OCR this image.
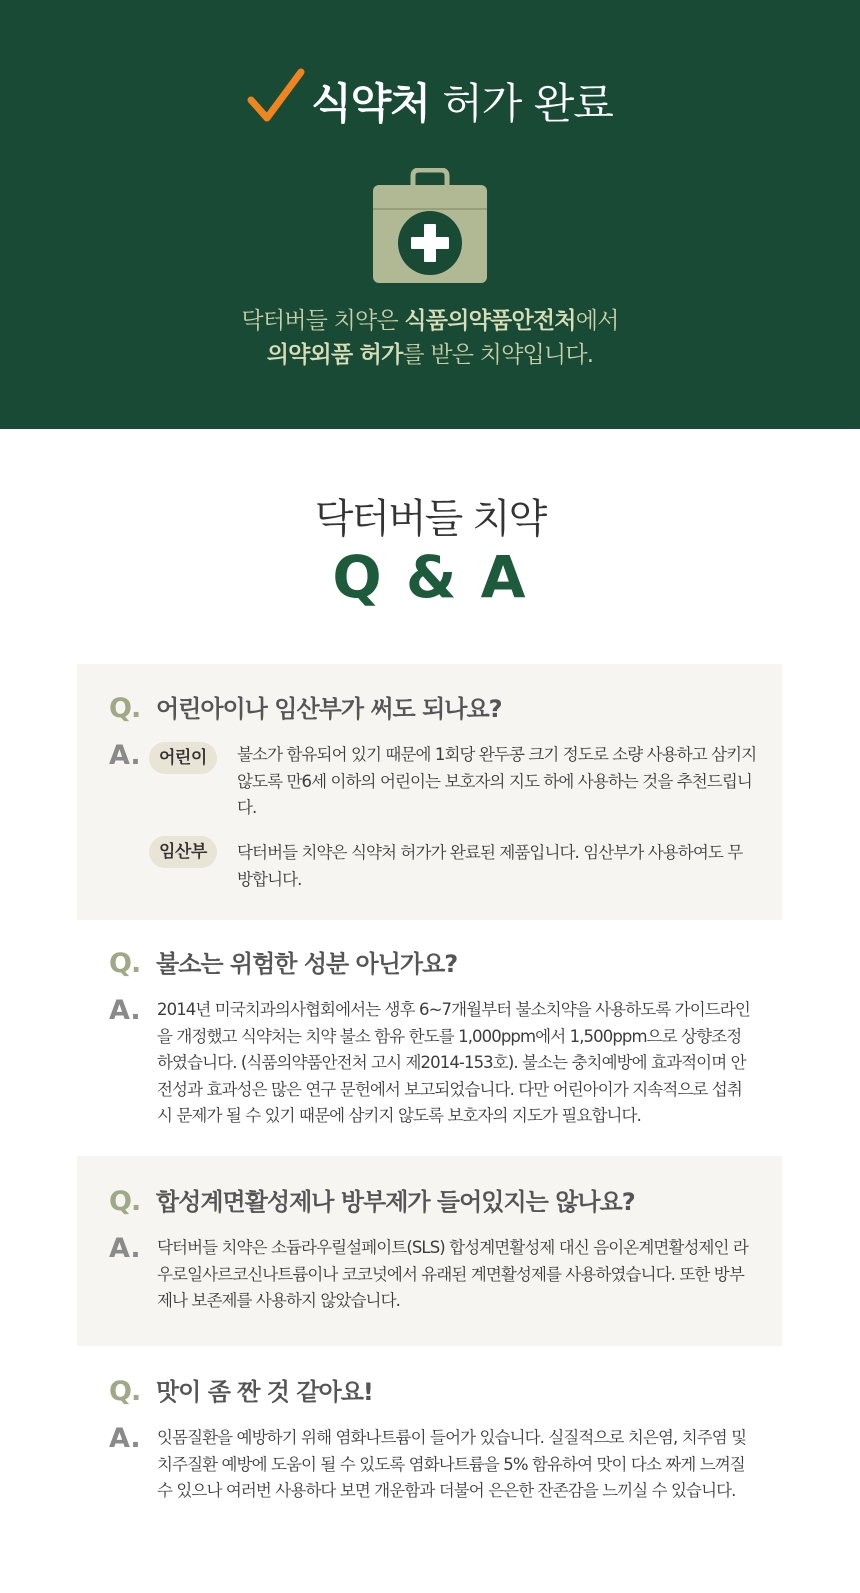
식약처 허가 완료
닥터버들 치약은 식품의약품안전처에서
의약외품 허가를 받은 치약입니다.
닥터버들 치약
Q & A
Q. 어린아이나 임산부가 써도 되나요?
A.	어린이	불소가 함유되어 있기 때문에 1회당 완두콩 크기 정도로 소량 사용하고 삼키지 않도록 만6세 이하의 어린이는 보호자의 지도 하에 사용하는 것을 추천드립니다.
임산부	닥터버들 치약은 식약처 허가가 완료된 제품입니다. 임산부가 사용하여도 무방합니다.
Q. 불소는 위험한 성분 아닌가요?
A. 2014년 미국치과의사협회에서는 생후 6~7개월부터 불소치약을 사용하도록 가이드라인을 개정했고 식약처는 치약 불소 함유 한도를 1,000ppm에서 1,500ppm으로 상향조정 하였습니다. (식품의약품안전처 고시 제2014-153호). 불소는 충치예방에 효과적이며 안전성과 효과성은 많은 연구 문헌에서 보고되었습니다. 다만 어린아이가 지속적으로 섭취 시 문제가 될 수 있기 때문에 삼키지 않도록 보호자의 지도가 필요합니다.
Q. 합성계면활성제나 방부제가 들어있지는 않나요?
A. 닥터버들 치약은 소듐라우릴설페이트(SLS) 합성계면활성제 대신 음이온계면활성제인 라우로일사르코신나트륨이나 코코넛에서 유래된 계면활성제를 사용하였습니다. 또한 방부제나 보존제를 사용하지 않았습니다.
Q. 맛이 좀 짠 것 같아요!
A. 잇몸질환을 예방하기 위해 염화나트륨이 들어가 있습니다. 실질적으로 치은염, 치주염 및 치주질환 예방에 도움이 될 수 있도록 염화나트륨을 5% 함유하여 맛이 다소 짜게 느껴질 수 있으나 여러번 사용하다 보면 개운함과 더불어 은은한 잔존감을 느끼실 수 있습니다.
